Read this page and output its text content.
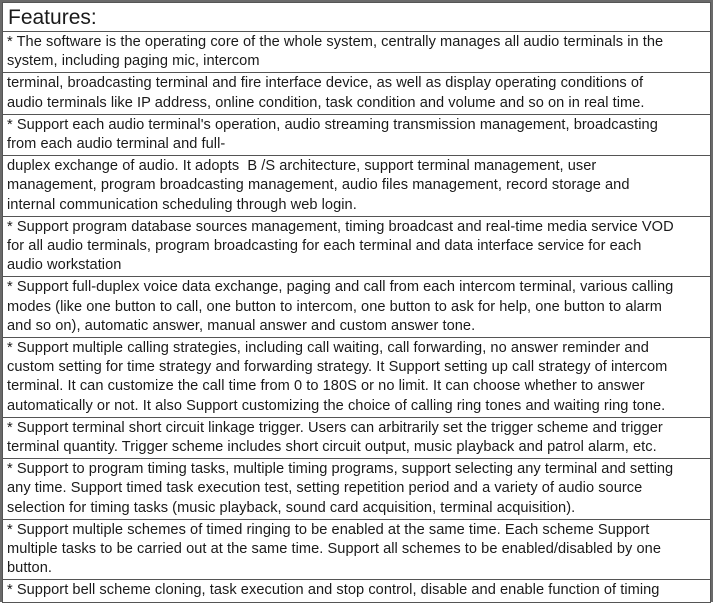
Features:

* The software is the operating core of the whole system, centrally manages all audio terminals in the
system, including paging mic, intercom

terminal, broadcasting terminal and fire interface device, as well as display operating conditions of
audio terminals like IP address, online condition, task condition and volume and so on in real time.

* Support each audio terminal's operation, audio streaming transmission management, broadcasting
from each audio terminal and full-

duplex exchange of audio. It adopts  B /S architecture, support terminal management, user
management, program broadcasting management, audio files management, record storage and
internal communication scheduling through web login.

* Support program database sources management, timing broadcast and real-time media service VOD
for all audio terminals, program broadcasting for each terminal and data interface service for each
audio workstation

* Support full-duplex voice data exchange, paging and call from each intercom terminal, various calling
modes (like one button to call, one button to intercom, one button to ask for help, one button to alarm
and so on), automatic answer, manual answer and custom answer tone.

* Support multiple calling strategies, including call waiting, call forwarding, no answer reminder and
custom setting for time strategy and forwarding strategy. It Support setting up call strategy of intercom
terminal. It can customize the call time from 0 to 180S or no limit. It can choose whether to answer
automatically or not. It also Support customizing the choice of calling ring tones and waiting ring tone.

* Support terminal short circuit linkage trigger. Users can arbitrarily set the trigger scheme and trigger
terminal quantity. Trigger scheme includes short circuit output, music playback and patrol alarm, etc.

* Support to program timing tasks, multiple timing programs, support selecting any terminal and setting
any time. Support timed task execution test, setting repetition period and a variety of audio source
selection for timing tasks (music playback, sound card acquisition, terminal acquisition).

* Support multiple schemes of timed ringing to be enabled at the same time. Each scheme Support
multiple tasks to be carried out at the same time. Support all schemes to be enabled/disabled by one
button.

* Support bell scheme cloning, task execution and stop control, disable and enable function of timing
